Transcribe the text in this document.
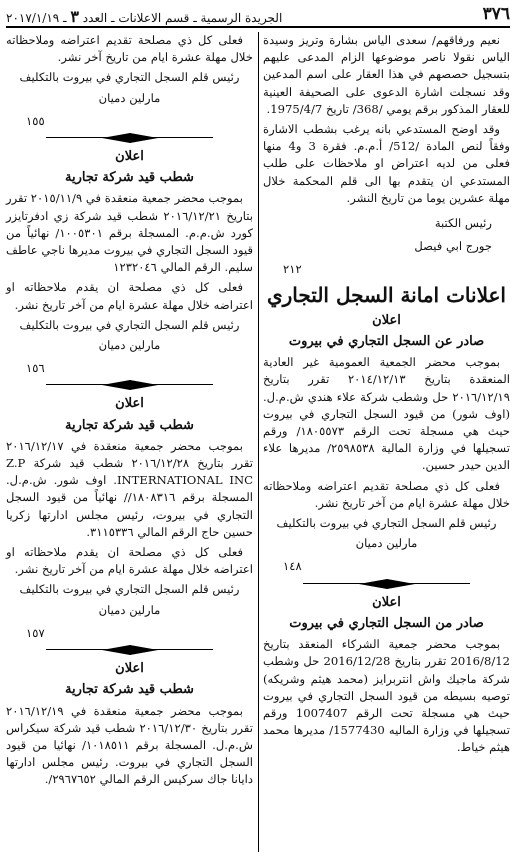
٣٧٦
الجريدة الرسمية ـ قسم الاعلانات ـ العدد ٣ ـ ٢٠١٧/١/١٩

نعيم ورفاقهم/ سعدى الياس بشارة وتريز وسيدة الياس نقولا ناصر موضوعها الزام المدعى عليهم بتسجيل حصصهم في هذا العقار على اسم المدعين وقد نسجلت اشارة الدعوى على الصحيفة العينية للعقار المذكور برقم يومي /368/ تاريخ 1975/4/7.

وقد اوضح المستدعي بانه يرغب بشطب الاشارة وفقاً لنص المادة /512/ أ.م.م. فقرة 3 و4 منها فعلى من لديه اعتراض او ملاحظات على طلب المستدعي ان يتقدم بها الى قلم المحكمة خلال مهلة عشرين يوما من تاريخ النشر.

رئيس الكتبة

جورج ابي فيصل

٢١٢

اعلانات امانة السجل التجاري

اعلان

صادر عن السجل التجاري في بيروت

بموجب محضر الجمعية العمومية غير العادية المنعقدة بتاريخ ٢٠١٤/١٢/١٣ تقرر بتاريخ ٢٠١٦/١٢/١٩ حل وشطب شركة علاء هندي ش.م.ل. (اوف شور) من قيود السجل التجاري في بيروت حيث هي مسجلة تحت الرقم ١٨٠٥٥٧٣/ ورقم تسجيلها في وزارة المالية ٢٥٩٨٥٣٨/ مديرها علاء الدين حيدر حسين.

فعلى كل ذي مصلحة تقديم اعتراضه وملاحظاته خلال مهلة عشرة ايام من آخر تاريخ نشر.

رئيس قلم السجل التجاري في بيروت بالتكليف

مارلين دميان

١٤٨

اعلان

صادر من السجل التجاري في بيروت

بموجب محضر جمعية الشركاء المنعقد بتاريخ 2016/8/12 تقرر بتاريخ 2016/12/28 حل وشطب شركة ماجيك واش انتربرايز (محمد هيثم وشريكه) توصيه بسيطه من قيود السجل التجاري في بيروت حيث هي مسجلة تحت الرقم 1007407 ورقم تسجيلها في وزارة الماليه 1577430/ مديرها محمد هيثم خياط.

فعلى كل ذي مصلحة تقديم اعتراضه وملاحظاته خلال مهلة عشرة ايام من تاريخ آخر نشر.

رئيس قلم السجل التجاري في بيروت بالتكليف

مارلين دميان

١٥٥

اعلان

شطب قيد شركة تجارية

بموجب محضر جمعية منعقدة في ٢٠١٥/١١/٩ تقرر بتاريخ ٢٠١٦/١٢/٢١ شطب قيد شركة زي ادفرتايزر كورد ش.م.م. المسجلة برقم ١٠٠٥٣٠١/ نهائياً من قيود السجل التجاري في بيروت مديرها ناجي عاطف سليم. الرقم المالي ١٢٣٢٠٤٦

فعلى كل ذي مصلحة ان يقدم ملاحظاته او اعتراضه خلال مهلة عشرة ايام من آخر تاريخ نشر.

رئيس قلم السجل التجاري في بيروت بالتكليف

مارلين دميان

١٥٦

اعلان

شطب قيد شركة تجارية

بموجب محضر جمعية منعقدة في ٢٠١٦/١٢/١٧ تقرر بتاريخ ٢٠١٦/١٢/٢٨ شطب قيد شركة Z.P INTERNATIONAL INC. اوف شور. ش.م.ل. المسجلة برقم ١٨٠٨٣١٦// نهائياً من قيود السجل التجاري في بيروت، رئيس مجلس ادارتها زكريا حسين حاج الرقم المالي ٣١١٥٣٣٦.

فعلى كل ذي مصلحة ان يقدم ملاحظاته او اعتراضه خلال مهلة عشرة ايام من آخر تاريخ نشر.

رئيس قلم السجل التجاري في بيروت بالتكليف

مارلين دميان

١٥٧

اعلان

شطب قيد شركة تجارية

بموجب محضر جمعية منعقدة في ٢٠١٦/١٢/١٩ تقرر بتاريخ ٢٠١٦/١٢/٣٠ شطب قيد شركة سيكراس ش.م.ل. المسجلة برقم ١٠١٨٥١١/ نهائيا من قيود السجل التجاري في بيروت. رئيس مجلس ادارتها دايانا جاك سركيس الرقم المالي ٢٩٦٧٦٥٢/.
